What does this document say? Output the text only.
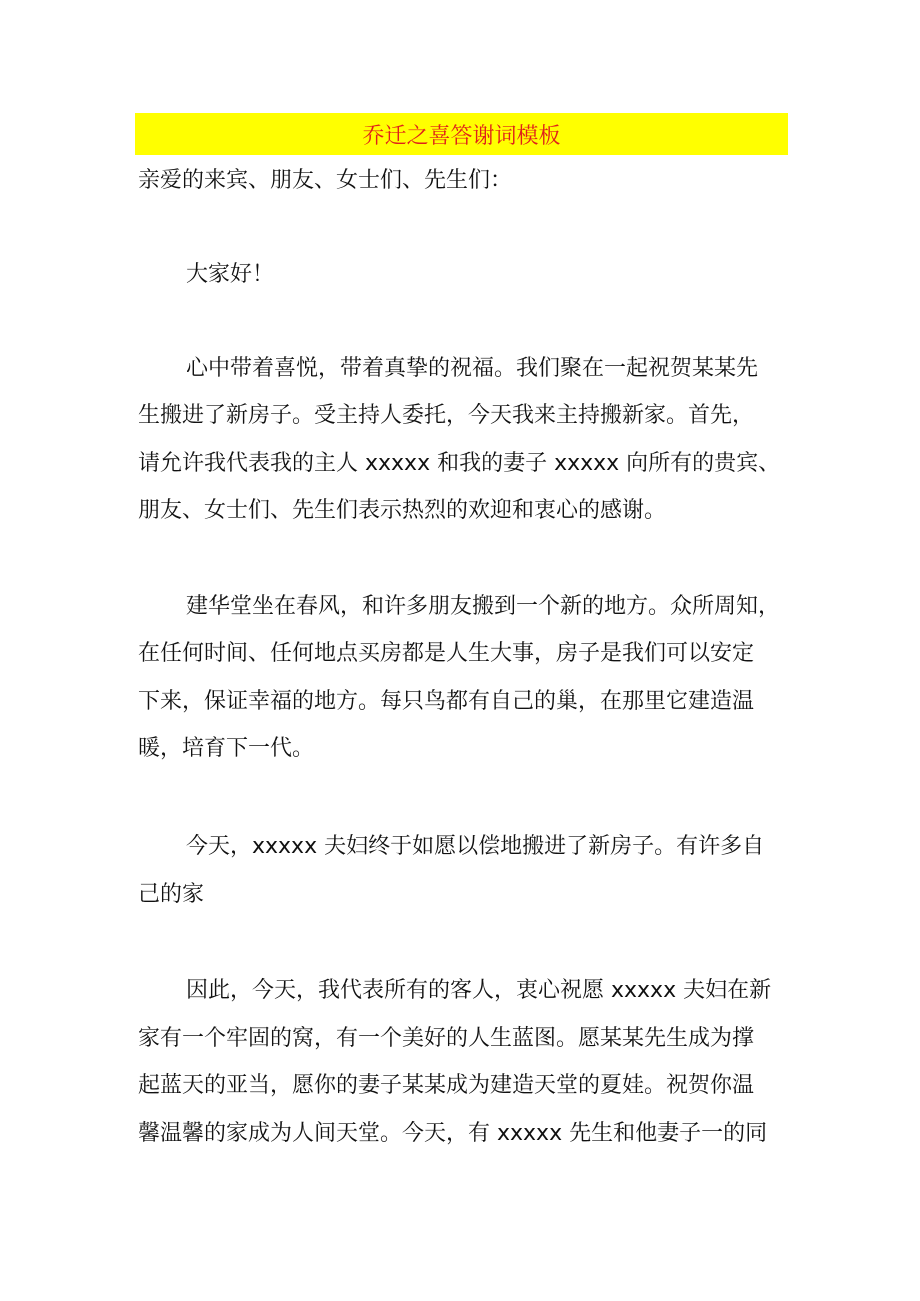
乔迁之喜答谢词模板
亲爱的来宾、朋友、女士们、先生们：
大家好！
心中带着喜悦，带着真挚的祝福。我们聚在一起祝贺某某先
生搬进了新房子。受主持人委托，今天我来主持搬新家。首先，
请允许我代表我的主人 xxxxx 和我的妻子 xxxxx 向所有的贵宾、
朋友、女士们、先生们表示热烈的欢迎和衷心的感谢。
建华堂坐在春风，和许多朋友搬到一个新的地方。众所周知，
在任何时间、任何地点买房都是人生大事，房子是我们可以安定
下来，保证幸福的地方。每只鸟都有自己的巢，在那里它建造温
暖，培育下一代。
今天，xxxxx 夫妇终于如愿以偿地搬进了新房子。有许多自
己的家
因此，今天，我代表所有的客人，衷心祝愿 xxxxx 夫妇在新
家有一个牢固的窝，有一个美好的人生蓝图。愿某某先生成为撑
起蓝天的亚当，愿你的妻子某某成为建造天堂的夏娃。祝贺你温
馨温馨的家成为人间天堂。今天，有 xxxxx 先生和他妻子一的同
